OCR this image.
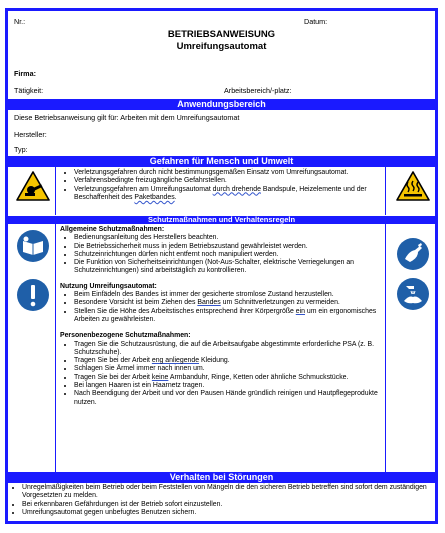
Nr.:	Datum:
BETRIEBSANWEISUNG
Umreifungsautomat
Firma:
Tätigkeit:	Arbeitsbereich/-platz:
Anwendungsbereich
Diese Betriebsanweisung gilt für: Arbeiten mit dem Umreifungsautomat
Hersteller:
Typ:
Gefahren für Mensch und Umwelt
• Verletzungsgefahren durch nicht bestimmungsgemäßen Einsatz vom Umreifungsautomat.
• Verfahrensbedingte freizugängliche Gefahrstellen.
• Verletzungsgefahren am Umreifungsautomat durch drehende Bandspule, Heizelemente und der Beschaffenheit des Paketbandes.
Schutzmaßnahmen und Verhaltensregeln
Allgemeine Schutzmaßnahmen:
• Bedienungsanleitung des Herstellers beachten.
• Die Betriebssicherheit muss in jedem Betriebszustand gewährleistet werden.
• Schutzeinrichtungen dürfen nicht entfernt noch manipuliert werden.
• Die Funktion von Sicherheitseinrichtungen (Not-Aus-Schalter, elektrische Verriegelungen an Schutzeinrichtungen) sind arbeitstäglich zu kontrollieren.
Nutzung Umreifungsautomat:
• Beim Einfädeln des Bandes ist immer der gesicherte stromlose Zustand herzustellen.
• Besondere Vorsicht ist beim Ziehen des Bandes um Schnittverletzungen zu vermeiden.
• Stellen Sie die Höhe des Arbeitstisches entsprechend ihrer Körpergröße ein um ein ergonomisches Arbeiten zu gewährleisten.
Personenbezogene Schutzmaßnahmen:
• Tragen Sie die Schutzausrüstung, die auf die Arbeitsaufgabe abgestimmte erforderliche PSA (z. B. Schutzschuhe).
• Tragen Sie bei der Arbeit eng anliegende Kleidung.
• Schlagen Sie Ärmel immer nach innen um.
• Tragen Sie bei der Arbeit keine Armbanduhr, Ringe, Ketten oder ähnliche Schmuckstücke.
• Bei langen Haaren ist ein Haarnetz tragen.
• Nach Beendigung der Arbeit und vor den Pausen Hände gründlich reinigen und Hautpflegeprodukte nutzen.
Verhalten bei Störungen
• Unregelmäßigkeiten beim Betrieb oder beim Feststellen von Mängeln die den sicheren Betrieb betreffen sind sofort dem zuständigen Vorgesetzten zu melden.
• Bei erkennbaren Gefährdungen ist der Betrieb sofort einzustellen.
• Umreifungsautomat gegen unbefugtes Benutzen sichern.
